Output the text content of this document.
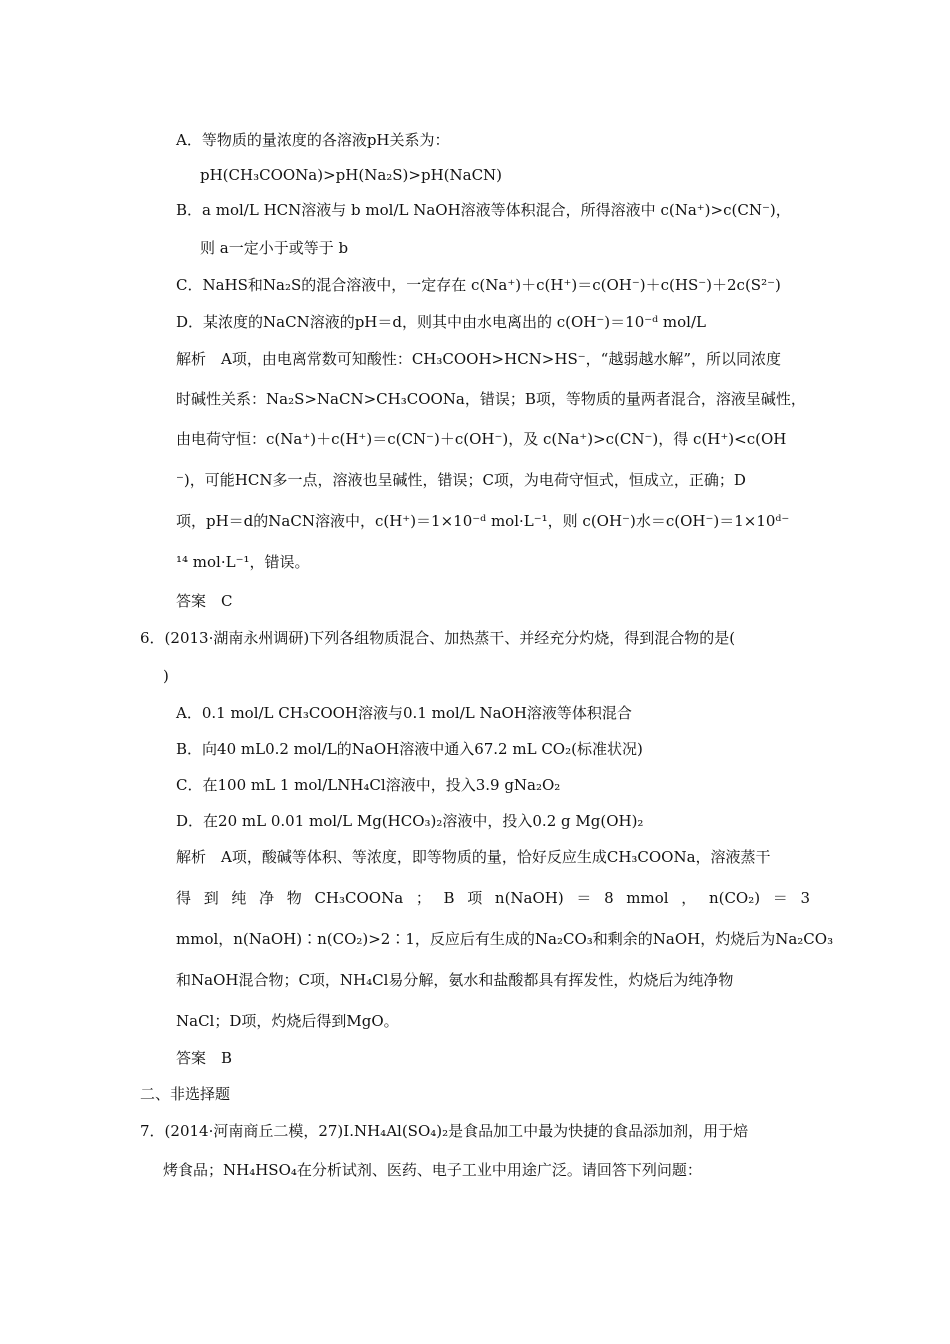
A．等物质的量浓度的各溶液pH关系为：
pH(CH₃COONa)>pH(Na₂S)>pH(NaCN)
B．a mol/L HCN溶液与 b mol/L NaOH溶液等体积混合，所得溶液中 c(Na⁺)>c(CN⁻)，
则 a一定小于或等于 b
C．NaHS和Na₂S的混合溶液中，一定存在 c(Na⁺)＋c(H⁺)＝c(OH⁻)＋c(HS⁻)＋2c(S²⁻)
D．某浓度的NaCN溶液的pH＝d，则其中由水电离出的 c(OH⁻)＝10⁻ᵈ mol/L
解析　A项，由电离常数可知酸性：CH₃COOH>HCN>HS⁻，“越弱越水解”，所以同浓度
时碱性关系：Na₂S>NaCN>CH₃COONa，错误；B项，等物质的量两者混合，溶液呈碱性，
由电荷守恒：c(Na⁺)＋c(H⁺)＝c(CN⁻)＋c(OH⁻)，及 c(Na⁺)>c(CN⁻)，得 c(H⁺)<c(OH
⁻)，可能HCN多一点，溶液也呈碱性，错误；C项，为电荷守恒式，恒成立，正确；D
项，pH＝d的NaCN溶液中，c(H⁺)＝1×10⁻ᵈ mol·L⁻¹，则 c(OH⁻)水＝c(OH⁻)＝1×10ᵈ⁻
¹⁴ mol·L⁻¹，错误。
答案　C
6．(2013·湖南永州调研)下列各组物质混合、加热蒸干、并经充分灼烧，得到混合物的是(
)
A．0.1 mol/L CH₃COOH溶液与0.1 mol/L NaOH溶液等体积混合
B．向40 mL0.2 mol/L的NaOH溶液中通入67.2 mL CO₂(标准状况)
C．在100 mL 1 mol/LNH₄Cl溶液中，投入3.9 gNa₂O₂
D．在20 mL 0.01 mol/L Mg(HCO₃)₂溶液中，投入0.2 g Mg(OH)₂
解析　A项，酸碱等体积、等浓度，即等物质的量，恰好反应生成CH₃COONa，溶液蒸干
得 到 纯 净 物 CH₃COONa ； B 项 n(NaOH) ＝ 8 mmol ， n(CO₂) ＝ 3
mmol，n(NaOH)∶n(CO₂)>2∶1，反应后有生成的Na₂CO₃和剩余的NaOH，灼烧后为Na₂CO₃
和NaOH混合物；C项，NH₄Cl易分解，氨水和盐酸都具有挥发性，灼烧后为纯净物
NaCl；D项，灼烧后得到MgO。
答案　B
二、非选择题
7．(2014·河南商丘二模，27)Ⅰ.NH₄Al(SO₄)₂是食品加工中最为快捷的食品添加剂，用于焙
烤食品；NH₄HSO₄在分析试剂、医药、电子工业中用途广泛。请回答下列问题：
